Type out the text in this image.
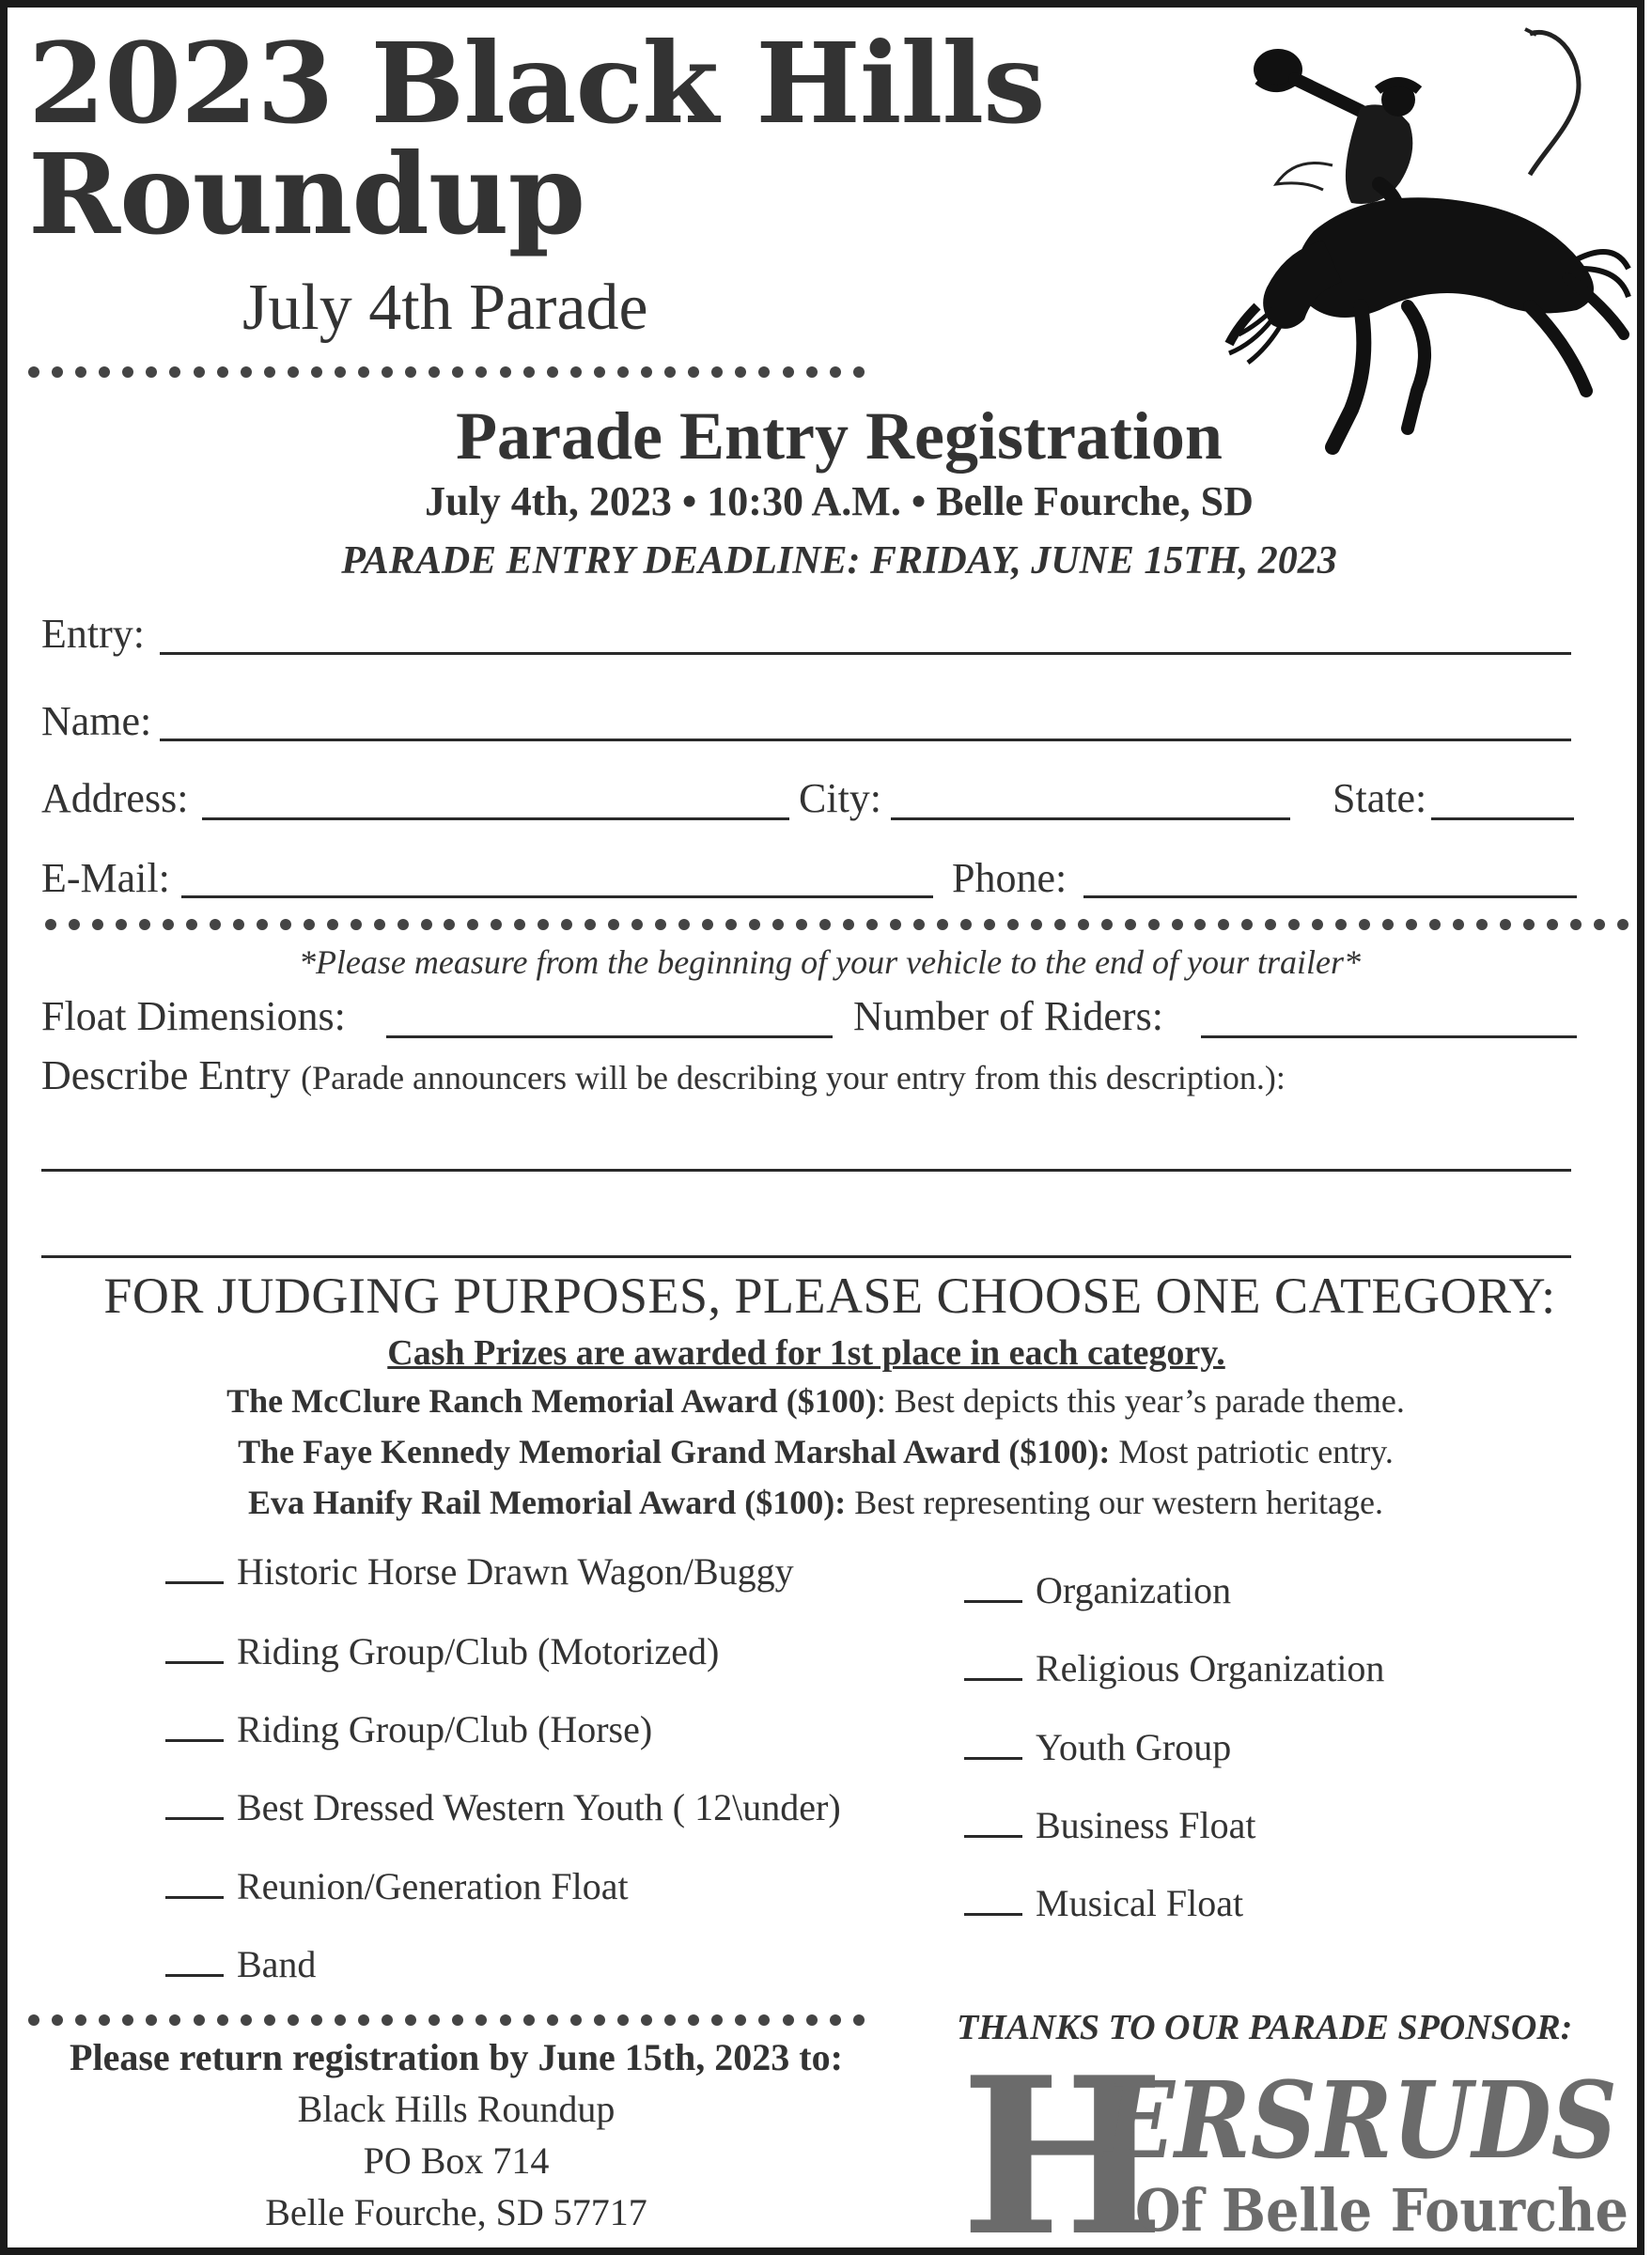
2023 Black Hills
Roundup
July 4th Parade
Parade Entry Registration
July 4th, 2023 • 10:30 A.M. • Belle Fourche, SD
PARADE ENTRY DEADLINE: FRIDAY, JUNE 15TH, 2023
Entry:
Name:
Address:	City:	State:
E-Mail:	Phone:
*Please measure from the beginning of your vehicle to the end of your trailer*
Float Dimensions:	Number of Riders:
Describe Entry (Parade announcers will be describing your entry from this description.):
FOR JUDGING PURPOSES, PLEASE CHOOSE ONE CATEGORY:
Cash Prizes are awarded for 1st place in each category.
The McClure Ranch Memorial Award ($100): Best depicts this year’s parade theme.
The Faye Kennedy Memorial Grand Marshal Award ($100): Most patriotic entry.
Eva Hanify Rail Memorial Award ($100): Best representing our western heritage.
Historic Horse Drawn Wagon/Buggy
Riding Group/Club (Motorized)
Riding Group/Club (Horse)
Best Dressed Western Youth ( 12\under)
Reunion/Generation Float
Band
Organization
Religious Organization
Youth Group
Business Float
Musical Float
Please return registration by June 15th, 2023 to:
Black Hills Roundup
PO Box 714
Belle Fourche, SD 57717
THANKS TO OUR PARADE SPONSOR:
H
ERSRUDS
Of Belle Fourche
